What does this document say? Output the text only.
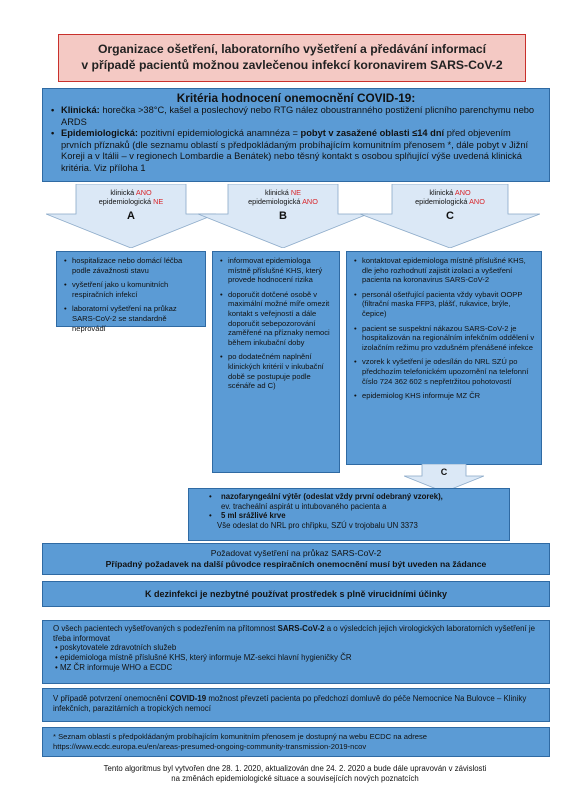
Organizace ošetření, laboratorního vyšetření a předávání informací
v případě pacientů možnou zavlečenou infekcí koronavirem SARS-CoV-2
Kritéria hodnocení onemocnění COVID-19:
• Klinická: horečka >38°C, kašel a poslechový nebo RTG nález oboustranného postižení plicního parenchymu nebo ARDS
• Epidemiologická: pozitivní epidemiologická anamnéza = pobyt v zasažené oblasti ≤14 dní před objevením prvních příznaků (dle seznamu oblastí s předpokládaným probíhajícím komunitním přenosem *, dále pobyt v Jižní Koreji a v Itálii – v regionech Lombardie a Benátek) nebo těsný kontakt s osobou splňující výše uvedená klinická kritéria. Viz příloha 1
klinická ANO
epidemiologická NE
A
klinická NE
epidemiologická ANO
B
klinická ANO
epidemiologická ANO
C
• hospitalizace nebo domácí léčba podle závažnosti stavu
• vyšetření jako u komunitních respiračních infekcí
• laboratorní vyšetření na průkaz SARS-CoV-2 se standardně neprovádí
• informovat epidemiologa místně příslušné KHS, který provede hodnocení rizika
• doporučit dotčené osobě v maximální možné míře omezit kontakt s veřejností a dále doporučit sebepozorování zaměřené na příznaky nemoci během inkubační doby
• po dodatečném naplnění klinických kritérií v inkubační době se postupuje podle scénáře ad C)
• kontaktovat epidemiologa místně příslušné KHS, dle jeho rozhodnutí zajistit izolaci a vyšetření pacienta na koronavirus SARS-CoV-2
• personál ošetřující pacienta vždy vybavit OOPP (filtrační maska FFP3, plášť, rukavice, brýle, čepice)
• pacient se suspektní nákazou SARS-CoV-2 je hospitalizován na regionálním infekčním oddělení v izolačním režimu pro vzdušném přenášené infekce
• vzorek k vyšetření je odesílán do NRL SZÚ po předchozím telefonickém upozornění na telefonní číslo 724 362 602 s nepřetržitou pohotovostí
• epidemiolog KHS informuje MZ ČR
C
• nazofaryngeální výtěr (odeslat vždy první odebraný vzorek),
ev. tracheální aspirát u intubovaného pacienta a
• 5 ml srážlivé krve
Vše odeslat do NRL pro chřipku, SZÚ v trojobalu UN 3373
Požadovat vyšetření na průkaz SARS-CoV-2
Případný požadavek na další původce respiračních onemocnění musí být uveden na žádance
K dezinfekci je nezbytné používat prostředek s plně virucidními účinky
O všech pacientech vyšetřovaných s podezřením na přítomnost SARS-CoV-2 a o výsledcích jejich virologických laboratorních vyšetření je třeba informovat
• poskytovatele zdravotních služeb
• epidemiologa místně příslušné KHS, který informuje MZ-sekci hlavní hygieničky ČR
• MZ ČR informuje WHO a ECDC
V případě potvrzení onemocnění COVID-19 možnost převzetí pacienta po předchozí domluvě do péče Nemocnice Na Bulovce – Kliniky infekčních, parazitárních a tropických nemocí
* Seznam oblastí s předpokládaným probíhajícím komunitním přenosem je dostupný na webu ECDC na adrese
https://www.ecdc.europa.eu/en/areas-presumed-ongoing-community-transmission-2019-ncov
Tento algoritmus byl vytvořen dne 28. 1. 2020, aktualizován dne 24. 2. 2020 a bude dále upravován v závislosti
na změnách epidemiologické situace a souvisejících nových poznatcích
